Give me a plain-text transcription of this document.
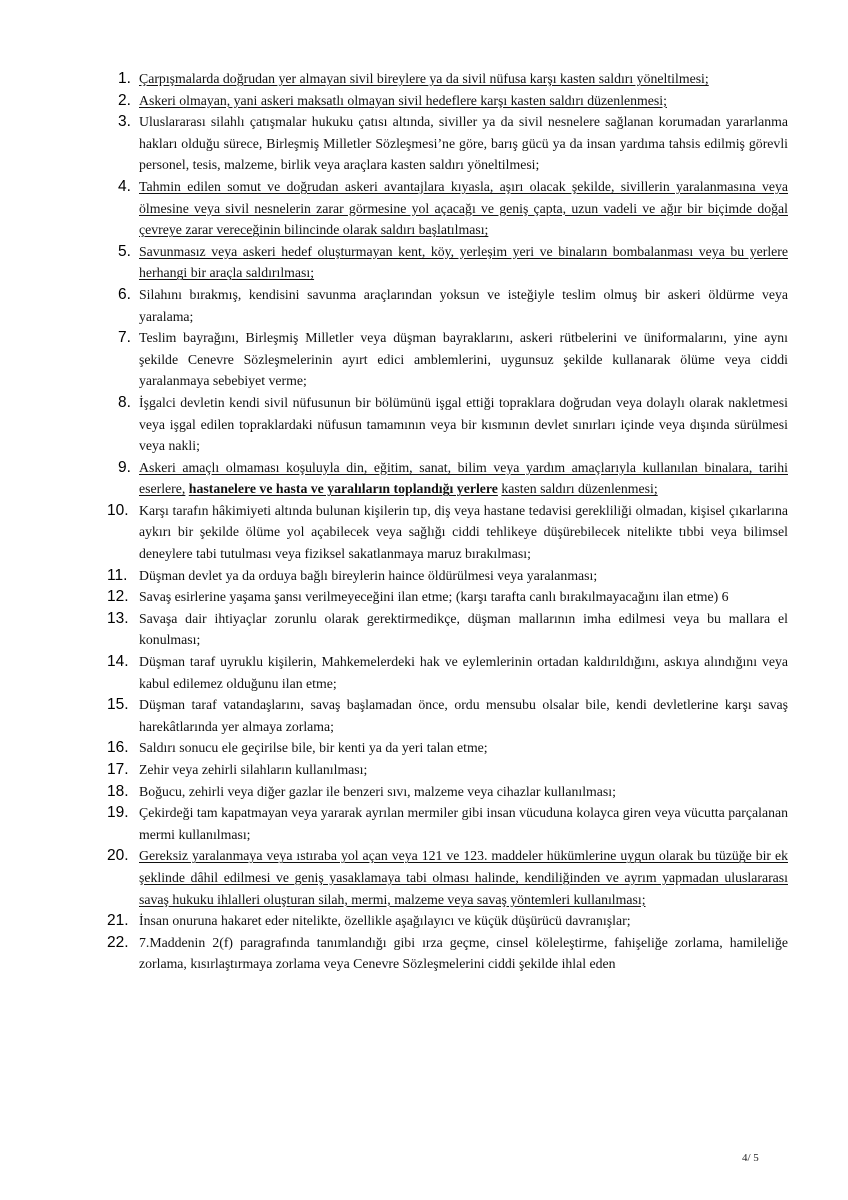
1. Çarpışmalarda doğrudan yer almayan sivil bireylere ya da sivil nüfusa karşı kasten saldırı yöneltilmesi;
2. Askeri olmayan, yani askeri maksatlı olmayan sivil hedeflere karşı kasten saldırı düzenlenmesi;
3. Uluslararası silahlı çatışmalar hukuku çatısı altında, siviller ya da sivil nesnelere sağlanan korumadan yararlanma hakları olduğu sürece, Birleşmiş Milletler Sözleşmesi’ne göre, barış gücü ya da insan yardıma tahsis edilmiş görevli personel, tesis, malzeme, birlik veya araçlara kasten saldırı yöneltilmesi;
4. Tahmin edilen somut ve doğrudan askeri avantajlara kıyasla, aşırı olacak şekilde, sivillerin yaralanmasına veya ölmesine veya sivil nesnelerin zarar görmesine yol açacağı ve geniş çapta, uzun vadeli ve ağır bir biçimde doğal çevreye zarar vereceğinin bilincinde olarak saldırı başlatılması;
5. Savunmasız veya askeri hedef oluşturmayan kent, köy, yerleşim yeri ve binaların bombalanması veya bu yerlere herhangi bir araçla saldırılması;
6. Silahını bırakmış, kendisini savunma araçlarından yoksun ve isteğiyle teslim olmuş bir askeri öldürme veya yaralama;
7. Teslim bayrağını, Birleşmiş Milletler veya düşman bayraklarını, askeri rütbelerini ve üniformalarını, yine aynı şekilde Cenevre Sözleşmelerinin ayırt edici amblemlerini, uygunsuz şekilde kullanarak ölüme veya ciddi yaralanmaya sebebiyet verme;
8. İşgalci devletin kendi sivil nüfusunun bir bölümünü işgal ettiği topraklara doğrudan veya dolaylı olarak nakletmesi veya işgal edilen topraklardaki nüfusun tamamının veya bir kısmının devlet sınırları içinde veya dışında sürülmesi veya nakli;
9. Askeri amaçlı olmaması koşuluyla din, eğitim, sanat, bilim veya yardım amaçlarıyla kullanılan binalara, tarihi eserlere, hastanelere ve hasta ve yaralıların toplandığı yerlere kasten saldırı düzenlenmesi;
10. Karşı tarafın hâkimiyeti altında bulunan kişilerin tıp, diş veya hastane tedavisi gerekliliği olmadan, kişisel çıkarlarına aykırı bir şekilde ölüme yol açabilecek veya sağlığı ciddi tehlikeye düşürebilecek nitelikte tıbbi veya bilimsel deneylere tabi tutulması veya fiziksel sakatlanmaya maruz bırakılması;
11. Düşman devlet ya da orduya bağlı bireylerin haince öldürülmesi veya yaralanması;
12. Savaş esirlerine yaşama şansı verilmeyeceğini ilan etme; (karşı tarafta canlı bırakılmayacağını ilan etme) 6
13. Savaşa dair ihtiyaçlar zorunlu olarak gerektirmedikçe, düşman mallarının imha edilmesi veya bu mallara el konulması;
14. Düşman taraf uyruklu kişilerin, Mahkemelerdeki hak ve eylemlerinin ortadan kaldırıldığını, askıya alındığını veya kabul edilemez olduğunu ilan etme;
15. Düşman taraf vatandaşlarını, savaş başlamadan önce, ordu mensubu olsalar bile, kendi devletlerine karşı savaş harekâtlarında yer almaya zorlama;
16. Saldırı sonucu ele geçirilse bile, bir kenti ya da yeri talan etme;
17. Zehir veya zehirli silahların kullanılması;
18. Boğucu, zehirli veya diğer gazlar ile benzeri sıvı, malzeme veya cihazlar kullanılması;
19. Çekirdeği tam kapatmayan veya yararak ayrılan mermiler gibi insan vücuduna kolayca giren veya vücutta parçalanan mermi kullanılması;
20. Gereksiz yaralanmaya veya ıstıraba yol açan veya 121 ve 123. maddeler hükümlerine uygun olarak bu tüzüğe bir ek şeklinde dâhil edilmesi ve geniş yasaklamaya tabi olması halinde, kendiliğinden ve ayrım yapmadan uluslararası savaş hukuku ihlalleri oluşturan silah, mermi, malzeme veya savaş yöntemleri kullanılması;
21. İnsan onuruna hakaret eder nitelikte, özellikle aşağılayıcı ve küçük düşürücü davranışlar;
22. 7.Maddenin 2(f) paragrafında tanımlandığı gibi ırza geçme, cinsel köleleştirme, fahişeliğe zorlama, hamileliğe zorlama, kısırlaştırmaya zorlama veya Cenevre Sözleşmelerini ciddi şekilde ihlal eden
4/ 5
